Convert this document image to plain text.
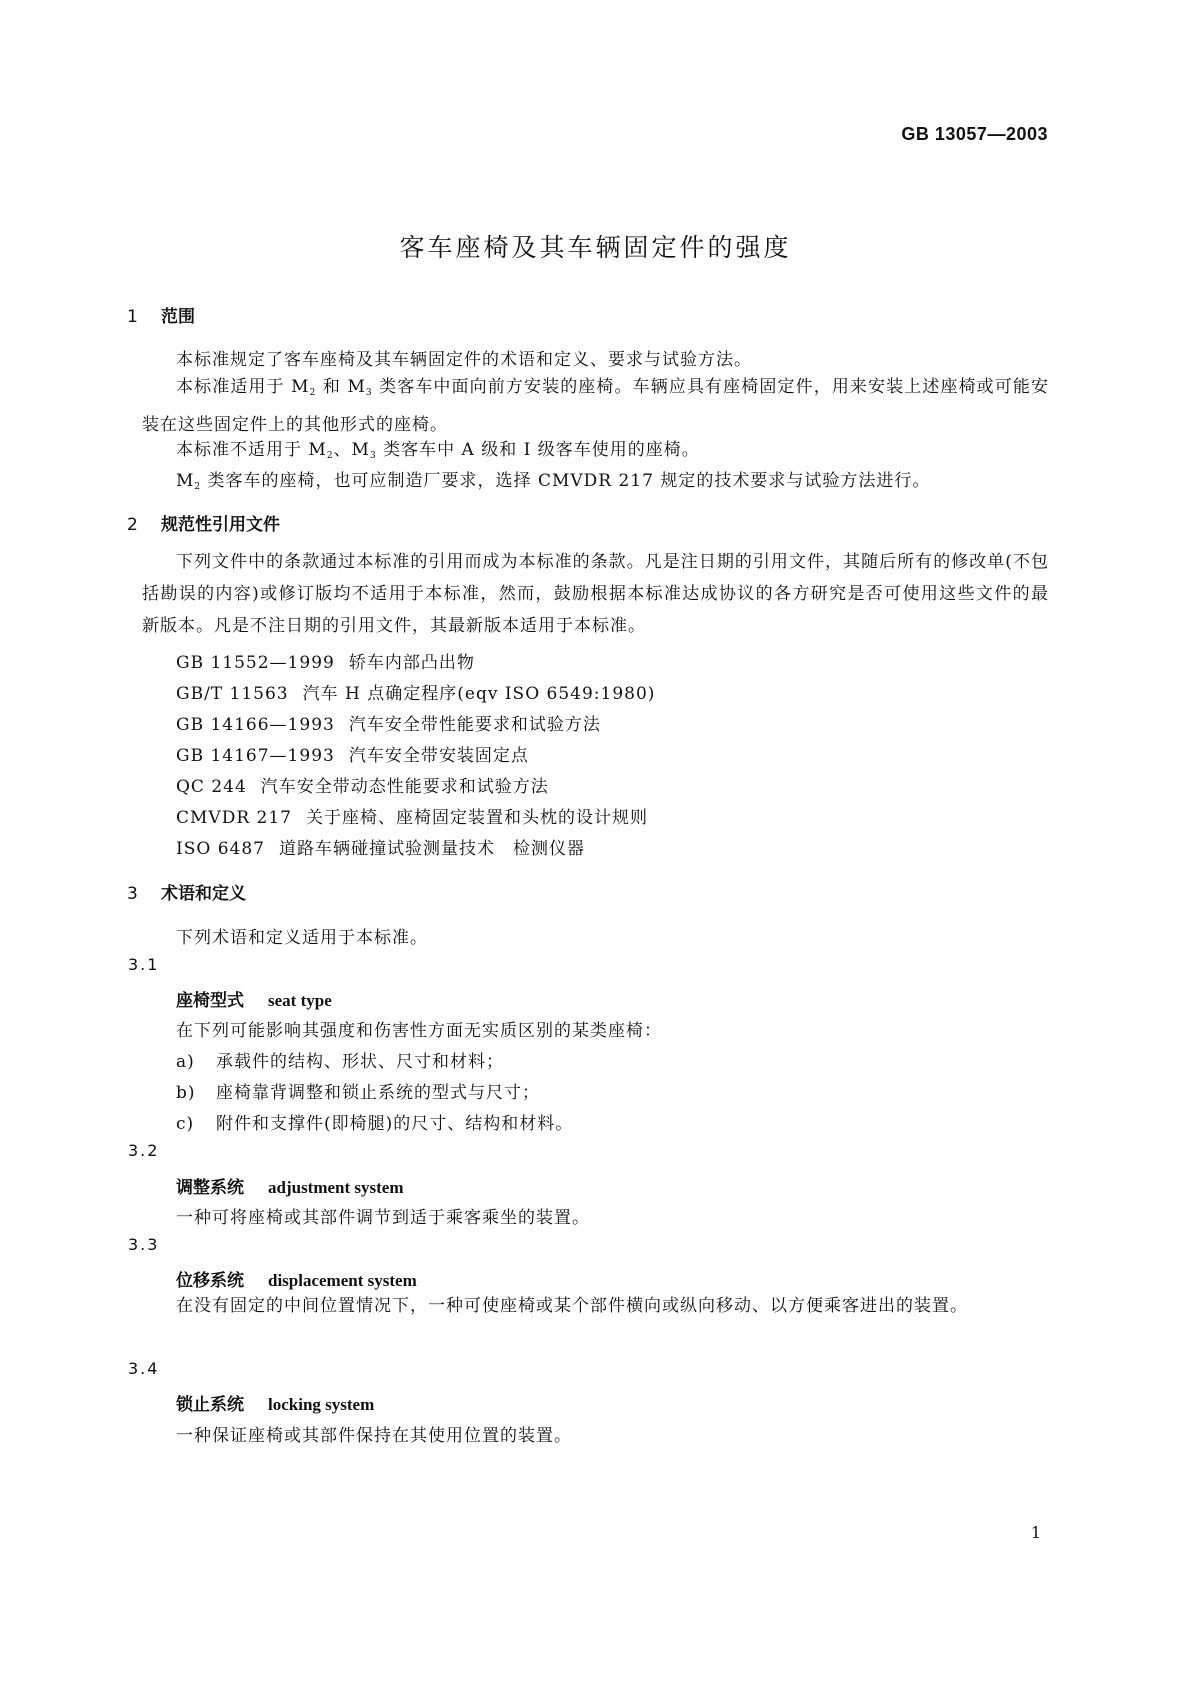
GB 13057—2003
客车座椅及其车辆固定件的强度
1 范围
本标准规定了客车座椅及其车辆固定件的术语和定义、要求与试验方法。
本标准适用于 $M_2$ 和 $M_3$ 类客车中面向前方安装的座椅。车辆应具有座椅固定件，用来安装上述座椅或可能安装在这些固定件上的其他形式的座椅。
本标准不适用于 $M_2$、$M_3$ 类客车中 A 级和 I 级客车使用的座椅。
$M_2$ 类客车的座椅，也可应制造厂要求，选择 CMVDR 217 规定的技术要求与试验方法进行。
2 规范性引用文件
下列文件中的条款通过本标准的引用而成为本标准的条款。凡是注日期的引用文件，其随后所有的修改单(不包括勘误的内容)或修订版均不适用于本标准，然而，鼓励根据本标准达成协议的各方研究是否可使用这些文件的最新版本。凡是不注日期的引用文件，其最新版本适用于本标准。
GB 11552—1999 轿车内部凸出物
GB/T 11563 汽车 H 点确定程序(eqv ISO 6549:1980)
GB 14166—1993 汽车安全带性能要求和试验方法
GB 14167—1993 汽车安全带安装固定点
QC 244 汽车安全带动态性能要求和试验方法
CMVDR 217 关于座椅、座椅固定装置和头枕的设计规则
ISO 6487 道路车辆碰撞试验测量技术　检测仪器
3 术语和定义
下列术语和定义适用于本标准。
3.1
座椅型式 seat type
在下列可能影响其强度和伤害性方面无实质区别的某类座椅：
a) 承载件的结构、形状、尺寸和材料；
b) 座椅靠背调整和锁止系统的型式与尺寸；
c) 附件和支撑件(即椅腿)的尺寸、结构和材料。
3.2
调整系统 adjustment system
一种可将座椅或其部件调节到适于乘客乘坐的装置。
3.3
位移系统 displacement system
在没有固定的中间位置情况下，一种可使座椅或某个部件横向或纵向移动、以方便乘客进出的装置。
3.4
锁止系统 locking system
一种保证座椅或其部件保持在其使用位置的装置。
1
